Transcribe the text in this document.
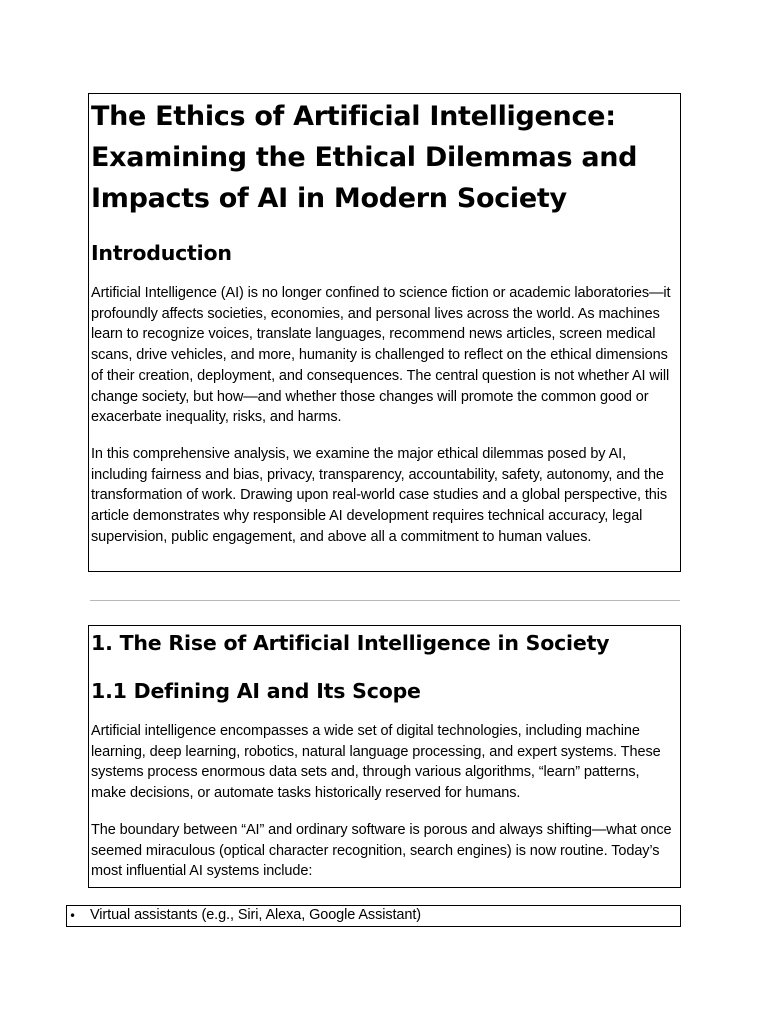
The Ethics of Artificial Intelligence: Examining the Ethical Dilemmas and Impacts of AI in Modern Society
Introduction

Artificial Intelligence (AI) is no longer confined to science fiction or academic laboratories—it profoundly affects societies, economies, and personal lives across the world. As machines learn to recognize voices, translate languages, recommend news articles, screen medical scans, drive vehicles, and more, humanity is challenged to reflect on the ethical dimensions of their creation, deployment, and consequences. The central question is not whether AI will change society, but how—and whether those changes will promote the common good or exacerbate inequality, risks, and harms.

In this comprehensive analysis, we examine the major ethical dilemmas posed by AI, including fairness and bias, privacy, transparency, accountability, safety, autonomy, and the transformation of work. Drawing upon real-world case studies and a global perspective, this article demonstrates why responsible AI development requires technical accuracy, legal supervision, public engagement, and above all a commitment to human values.

1. The Rise of Artificial Intelligence in Society
1.1 Defining AI and Its Scope

Artificial intelligence encompasses a wide set of digital technologies, including machine learning, deep learning, robotics, natural language processing, and expert systems. These systems process enormous data sets and, through various algorithms, “learn” patterns, make decisions, or automate tasks historically reserved for humans.

The boundary between “AI” and ordinary software is porous and always shifting—what once seemed miraculous (optical character recognition, search engines) is now routine. Today’s most influential AI systems include:

• Virtual assistants (e.g., Siri, Alexa, Google Assistant)
